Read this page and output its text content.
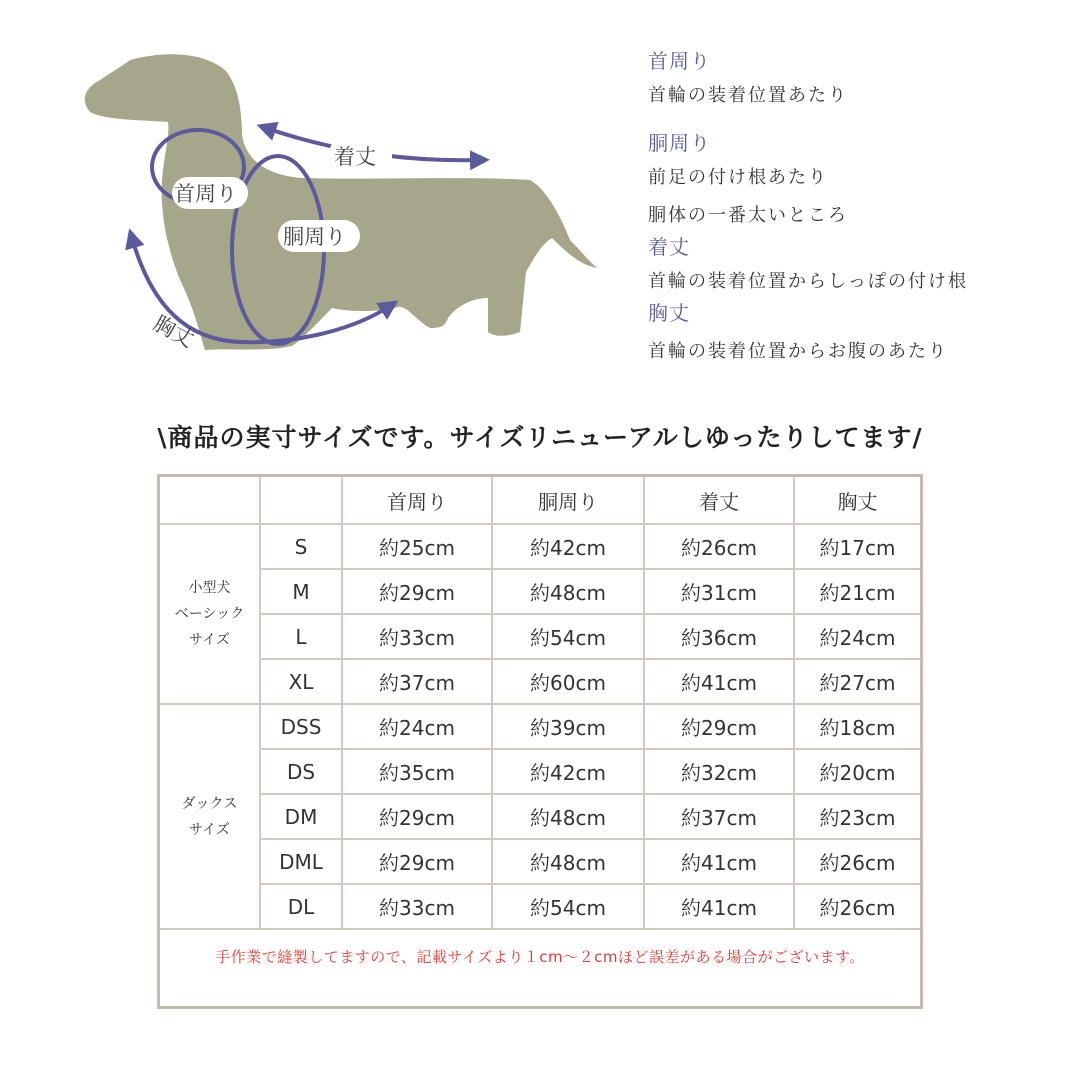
首周り
胴周り
着丈
胸丈
首周り
首輪の装着位置あたり
胴周り
前足の付け根あたり
胴体の一番太いところ
着丈
首輪の装着位置からしっぽの付け根
胸丈
首輪の装着位置からお腹のあたり
\商品の実寸サイズです。サイズリニューアルしゆったりしてます/
		首周り	胴周り	着丈	胸丈

小型犬
ベーシック
サイズ	S	約25cm	約42cm	約26cm	約17cm
	M	約29cm	約48cm	約31cm	約21cm
	L	約33cm	約54cm	約36cm	約24cm
	XL	約37cm	約60cm	約41cm	約27cm

ダックス
サイズ	DSS	約24cm	約39cm	約29cm	約18cm
	DS	約35cm	約42cm	約32cm	約20cm
	DM	約29cm	約48cm	約37cm	約23cm
	DML	約29cm	約48cm	約41cm	約26cm
	DL	約33cm	約54cm	約41cm	約26cm
手作業で縫製してますので、記載サイズより１cm〜２cmほど誤差がある場合がございます。					
